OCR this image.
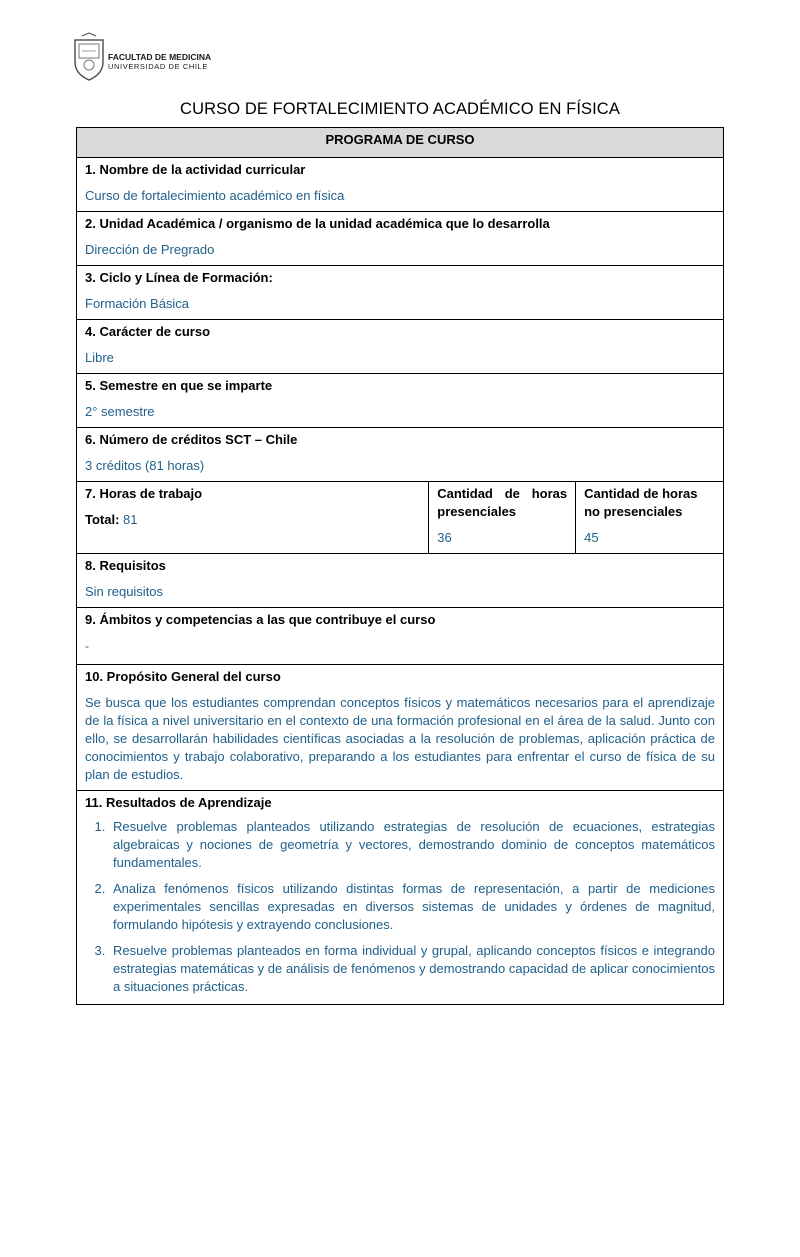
FACULTAD DE MEDICINA
UNIVERSIDAD DE CHILE
CURSO DE FORTALECIMIENTO ACADÉMICO EN FÍSICA
PROGRAMA DE CURSO

1. Nombre de la actividad curricular
Curso de fortalecimiento académico en física

2. Unidad Académica / organismo de la unidad académica que lo desarrolla
Dirección de Pregrado

3. Ciclo y Línea de Formación:
Formación Básica

4. Carácter de curso
Libre

5. Semestre en que se imparte
2° semestre

6. Número de créditos SCT – Chile
3 créditos (81 horas)

7. Horas de trabajo
Total: 81

Cantidad de horas presenciales
36

Cantidad de horas no presenciales
45

8. Requisitos
Sin requisitos

9. Ámbitos y competencias a las que contribuye el curso
-

10. Propósito General del curso
Se busca que los estudiantes comprendan conceptos físicos y matemáticos necesarios para el aprendizaje de la física a nivel universitario en el contexto de una formación profesional en el área de la salud. Junto con ello, se desarrollarán habilidades científicas asociadas a la resolución de problemas, aplicación práctica de conocimientos y trabajo colaborativo, preparando a los estudiantes para enfrentar el curso de física de su plan de estudios.

11. Resultados de Aprendizaje
1. Resuelve problemas planteados utilizando estrategias de resolución de ecuaciones, estrategias algebraicas y nociones de geometría y vectores, demostrando dominio de conceptos matemáticos fundamentales.
2. Analiza fenómenos físicos utilizando distintas formas de representación, a partir de mediciones experimentales sencillas expresadas en diversos sistemas de unidades y órdenes de magnitud, formulando hipótesis y extrayendo conclusiones.
3. Resuelve problemas planteados en forma individual y grupal, aplicando conceptos físicos e integrando estrategias matemáticas y de análisis de fenómenos y demostrando capacidad de aplicar conocimientos a situaciones prácticas.
